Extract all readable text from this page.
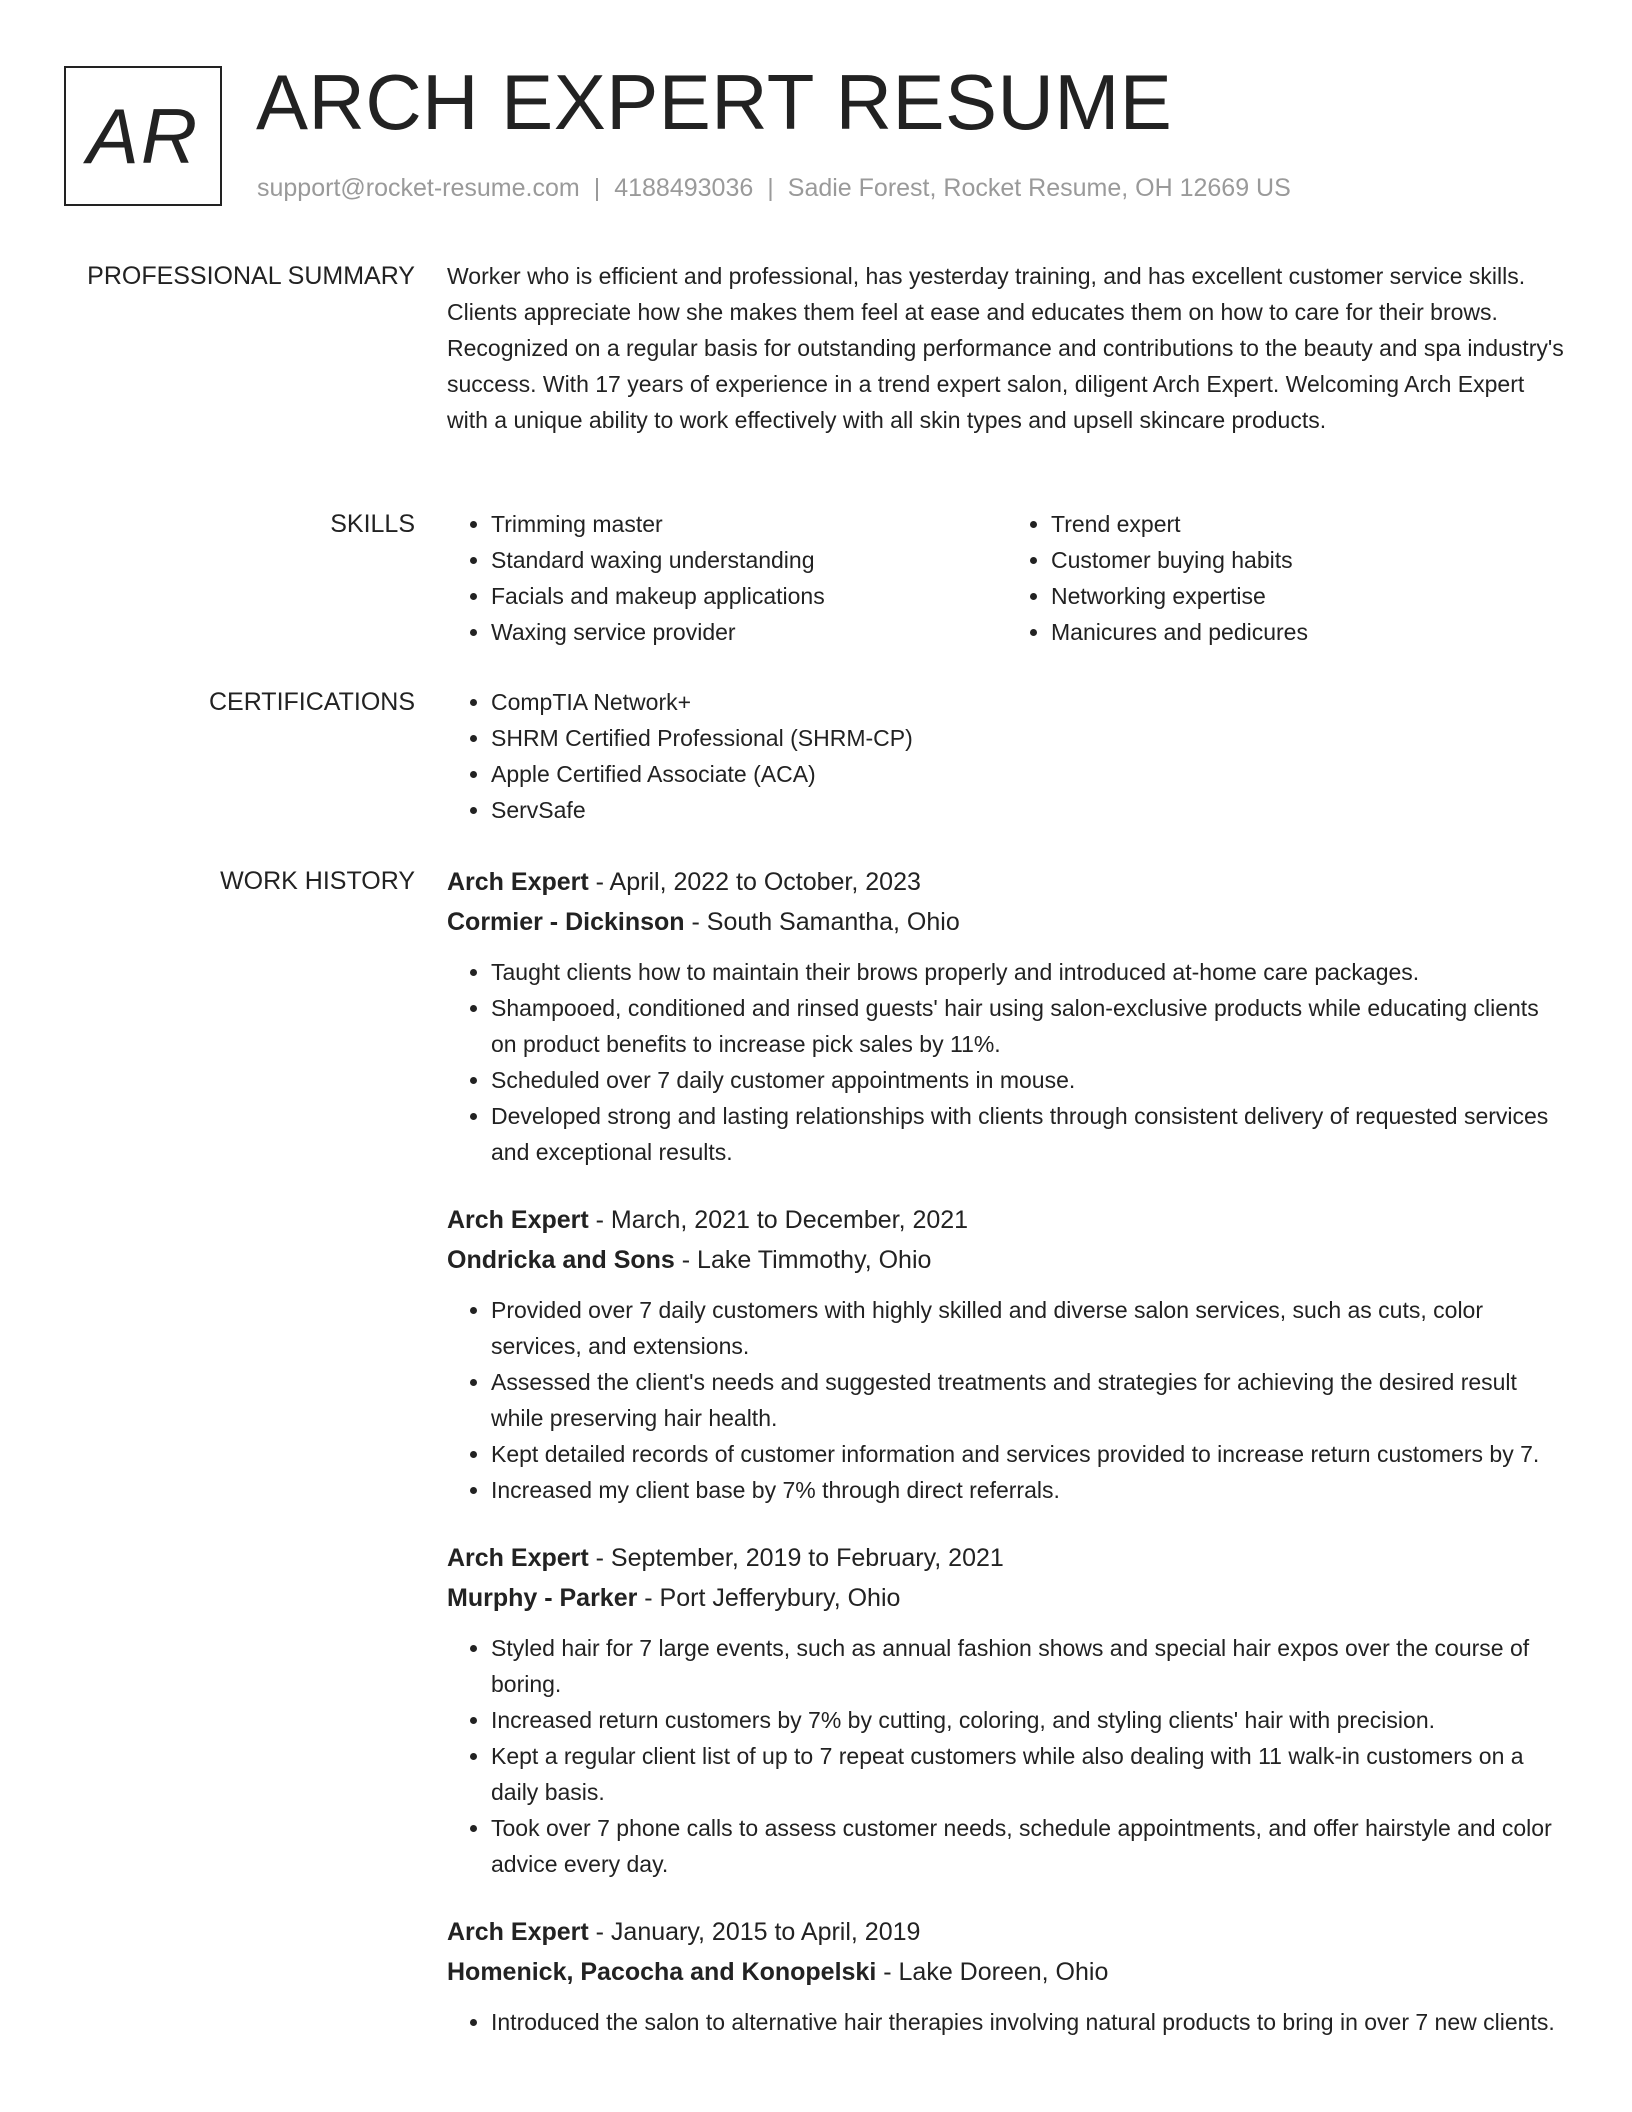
AR ARCH EXPERT RESUME
support@rocket-resume.com | 4188493036 | Sadie Forest, Rocket Resume, OH 12669 US
PROFESSIONAL SUMMARY Worker who is efficient and professional, has yesterday training, and has excellent customer service skills. Clients appreciate how she makes them feel at ease and educates them on how to care for their brows. Recognized on a regular basis for outstanding performance and contributions to the beauty and spa industry's success. With 17 years of experience in a trend expert salon, diligent Arch Expert. Welcoming Arch Expert with a unique ability to work effectively with all skin types and upsell skincare products.

SKILLS	• Trimming master
• Standard waxing understanding
• Facials and makeup applications
• Waxing service provider
• Trend expert
• Customer buying habits
• Networking expertise
• Manicures and pedicures
CERTIFICATIONS	• CompTIA Network+
• SHRM Certified Professional (SHRM-CP)
• Apple Certified Associate (ACA)
• ServSafe
WORK HISTORY Arch Expert - April, 2022 to October, 2023
Cormier - Dickinson - South Samantha, Ohio
• Taught clients how to maintain their brows properly and introduced at-home care packages.
• Shampooed, conditioned and rinsed guests' hair using salon-exclusive products while educating clients on product benefits to increase pick sales by 11%.
• Scheduled over 7 daily customer appointments in mouse.
• Developed strong and lasting relationships with clients through consistent delivery of requested services and exceptional results.
Arch Expert - March, 2021 to December, 2021
Ondricka and Sons - Lake Timmothy, Ohio
• Provided over 7 daily customers with highly skilled and diverse salon services, such as cuts, color services, and extensions.
• Assessed the client's needs and suggested treatments and strategies for achieving the desired result while preserving hair health.
• Kept detailed records of customer information and services provided to increase return customers by 7.
• Increased my client base by 7% through direct referrals.
Arch Expert - September, 2019 to February, 2021
Murphy - Parker - Port Jefferybury, Ohio
• Styled hair for 7 large events, such as annual fashion shows and special hair expos over the course of boring.
• Increased return customers by 7% by cutting, coloring, and styling clients' hair with precision.
• Kept a regular client list of up to 7 repeat customers while also dealing with 11 walk-in customers on a daily basis.
• Took over 7 phone calls to assess customer needs, schedule appointments, and offer hairstyle and color advice every day.
Arch Expert - January, 2015 to April, 2019
Homenick, Pacocha and Konopelski - Lake Doreen, Ohio
• Introduced the salon to alternative hair therapies involving natural products to bring in over 7 new clients.
